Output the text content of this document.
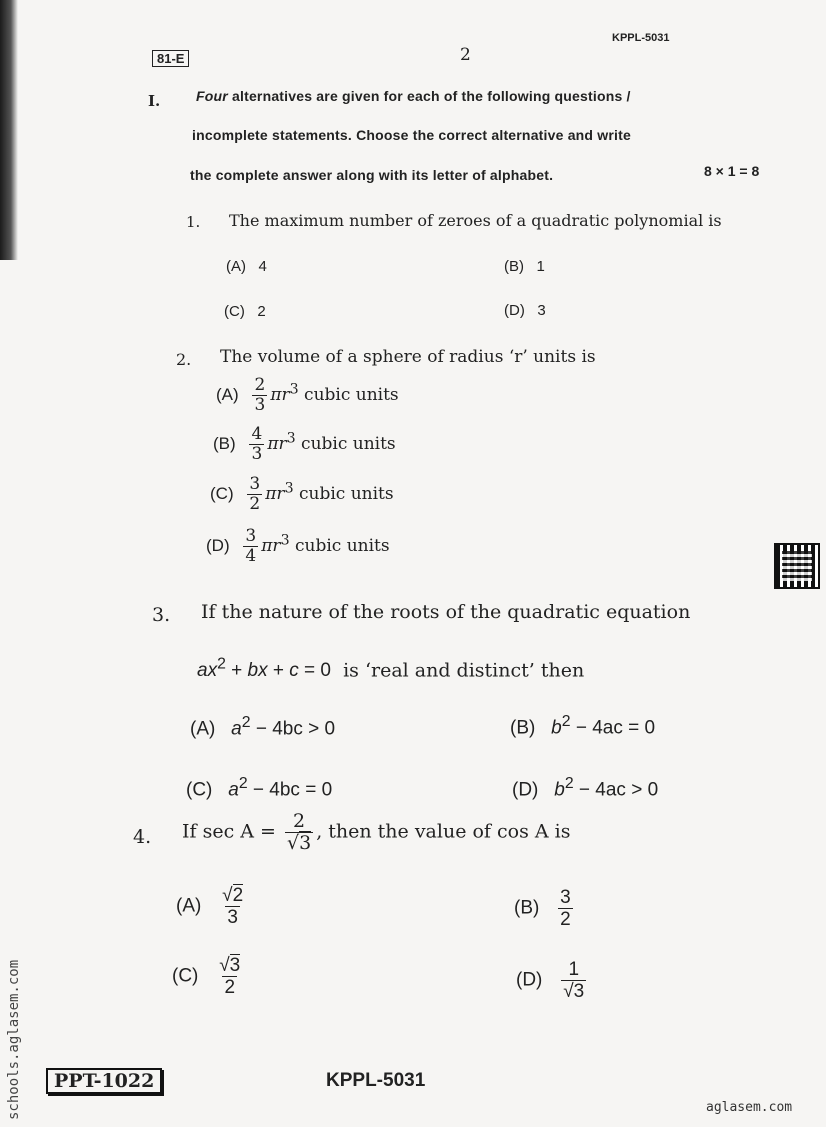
81-E	2
KPPL-5031
I.	Four alternatives are given for each of the following questions /
incomplete statements. Choose the correct alternative and write
the complete answer along with its letter of alphabet.	8 × 1 = 8
1. The maximum number of zeroes of a quadratic polynomial is
(A) 4	(B) 1
(C) 2	(D) 3
2. The volume of a sphere of radius ‘r’ units is
$(A) \frac{2}{3} \pi r^3$ cubic units
$(B) \frac{4}{3} \pi r^3$ cubic units
$(C) \frac{3}{2} \pi r^3$ cubic units
$(D) \frac{3}{4} \pi r^3$ cubic units
3. If the nature of the roots of the quadratic equation
$ax^2$ + bx + c = 0 is ‘real and distinct’ then
(A) $a^2 - 4bc > 0$	(B) $b^2 - 4ac = 0$
(C) $a^2 - 4bc = 0$	(D) $b^2 - 4ac > 0$
4. If $\sec A = \frac{2}{√3}$ , then the value of cos A is
$(A) \frac{√2}{3}$	$(B) \frac{3}{2}$
$(C) \frac{√3}{2}$	$(D) \frac{1}{√3}$
PPT-1022	KPPL-5031
aglasem.com
schools.aglasem.com
